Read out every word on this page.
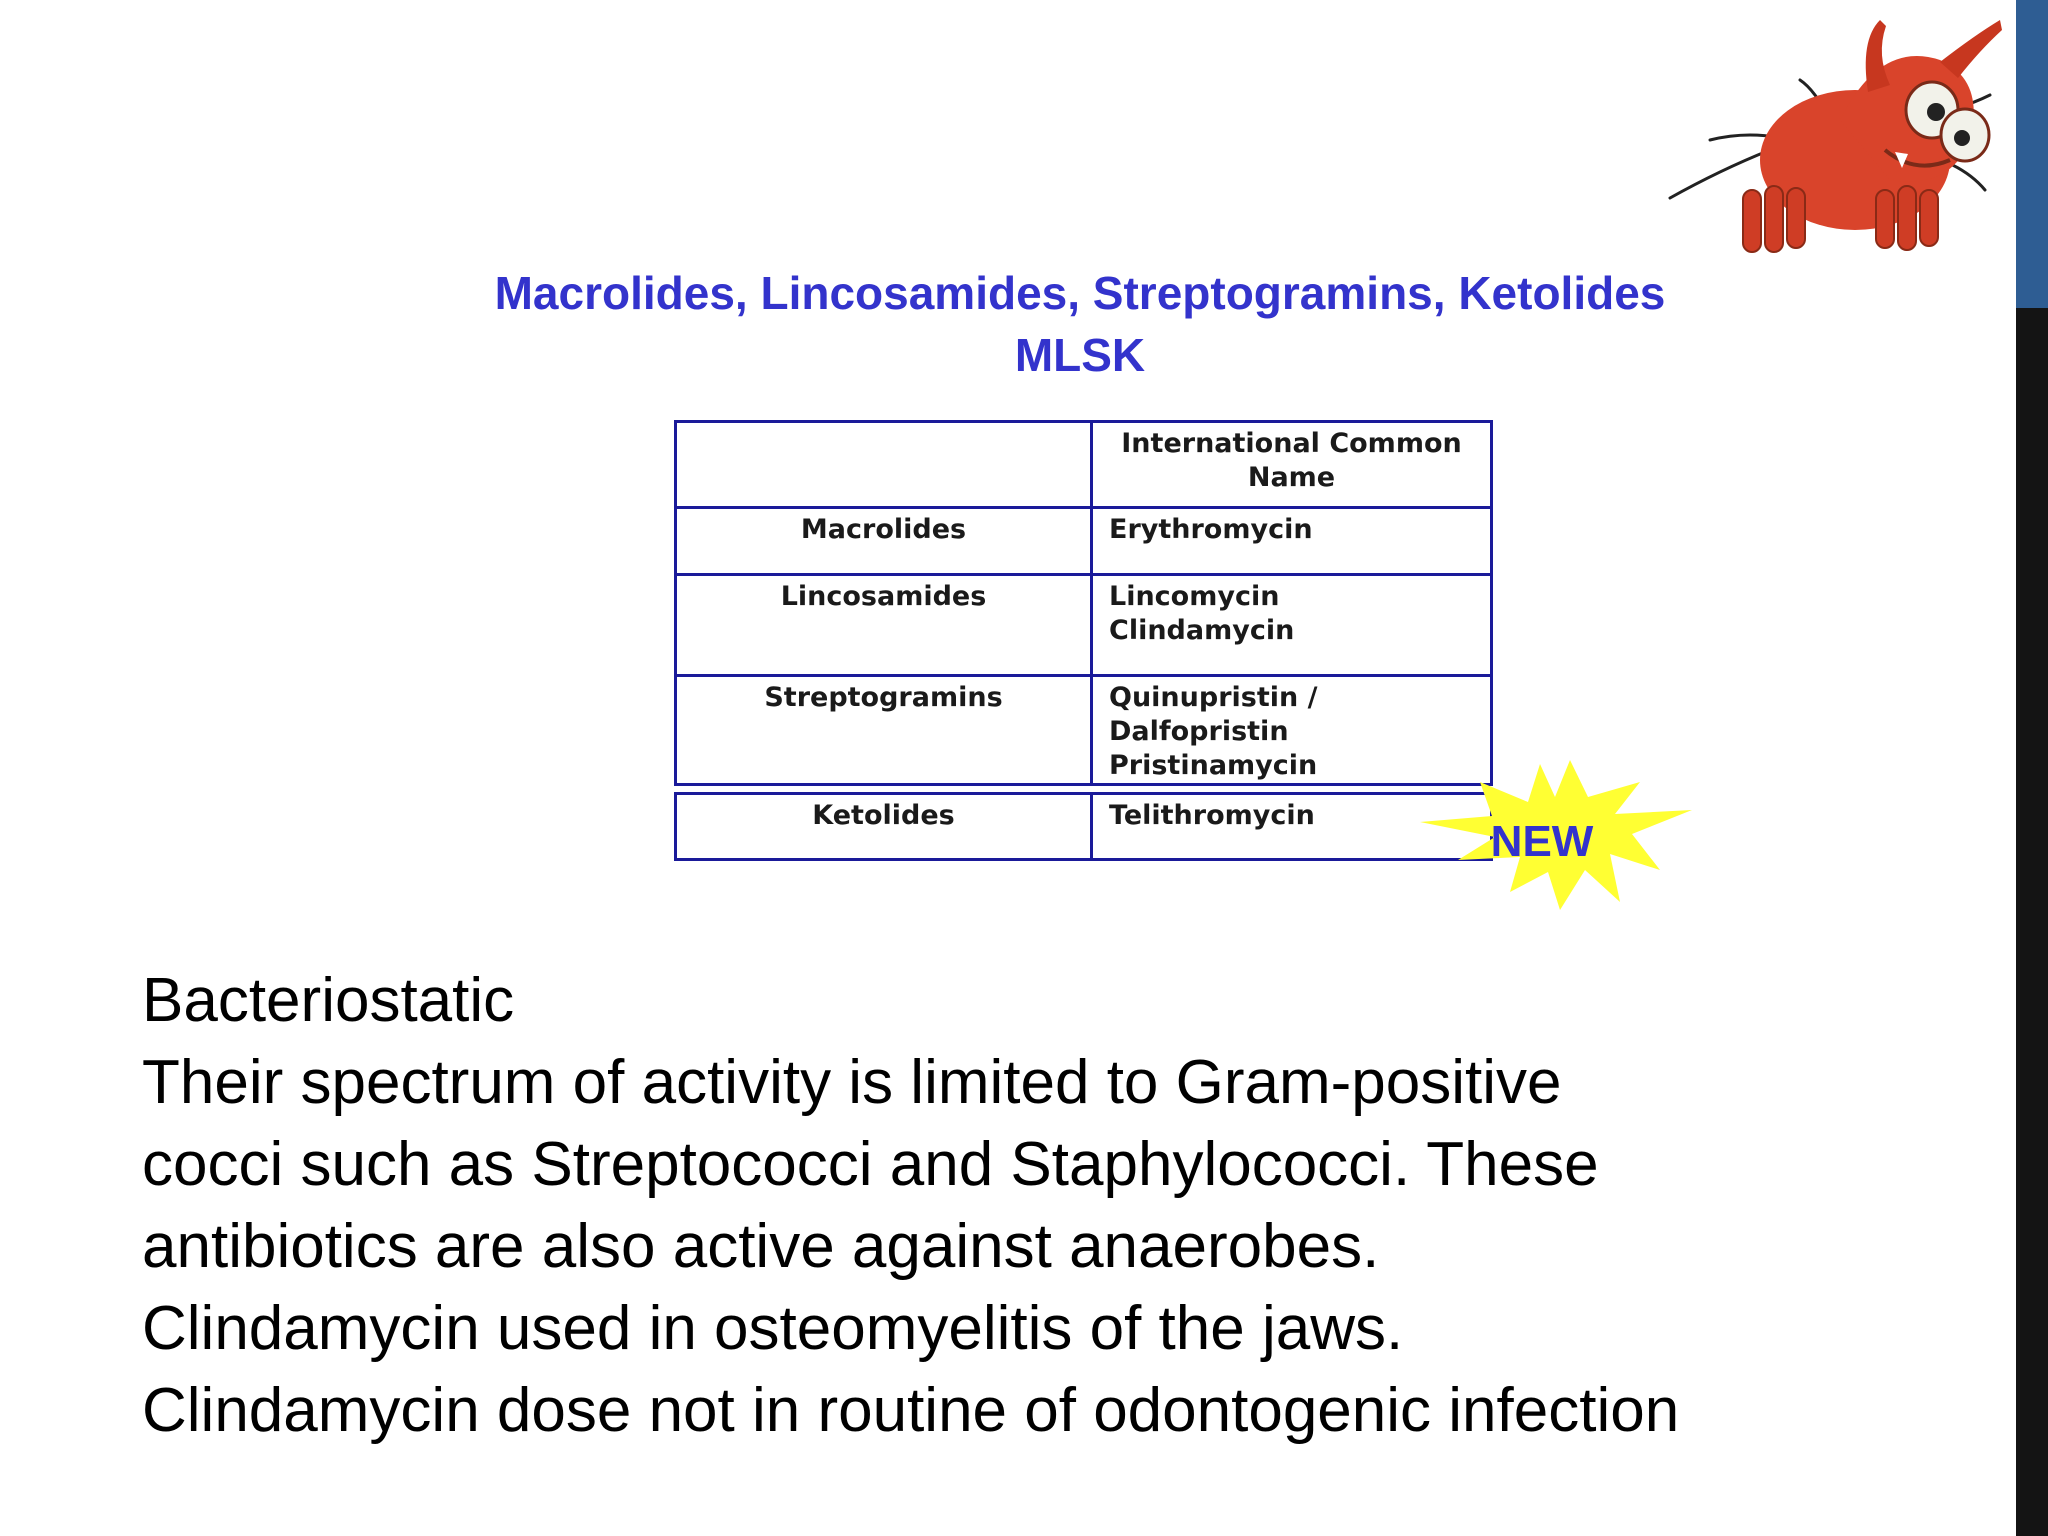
Macrolides, Lincosamides, Streptogramins, Ketolides
MLSK
	International Common Name
Macrolides	Erythromycin

Lincosamides	Lincomycin
Clindamycin

Streptogramins	Quinupristin / Dalfopristin
Pristinamycin
Ketolides	Telithromycin
NEW
Bacteriostatic
Their spectrum of activity is limited to Gram-positive
cocci such as Streptococci and Staphylococci. These
antibiotics are also active against anaerobes.
Clindamycin used in osteomyelitis of the jaws.
Clindamycin dose not in routine of odontogenic infection
